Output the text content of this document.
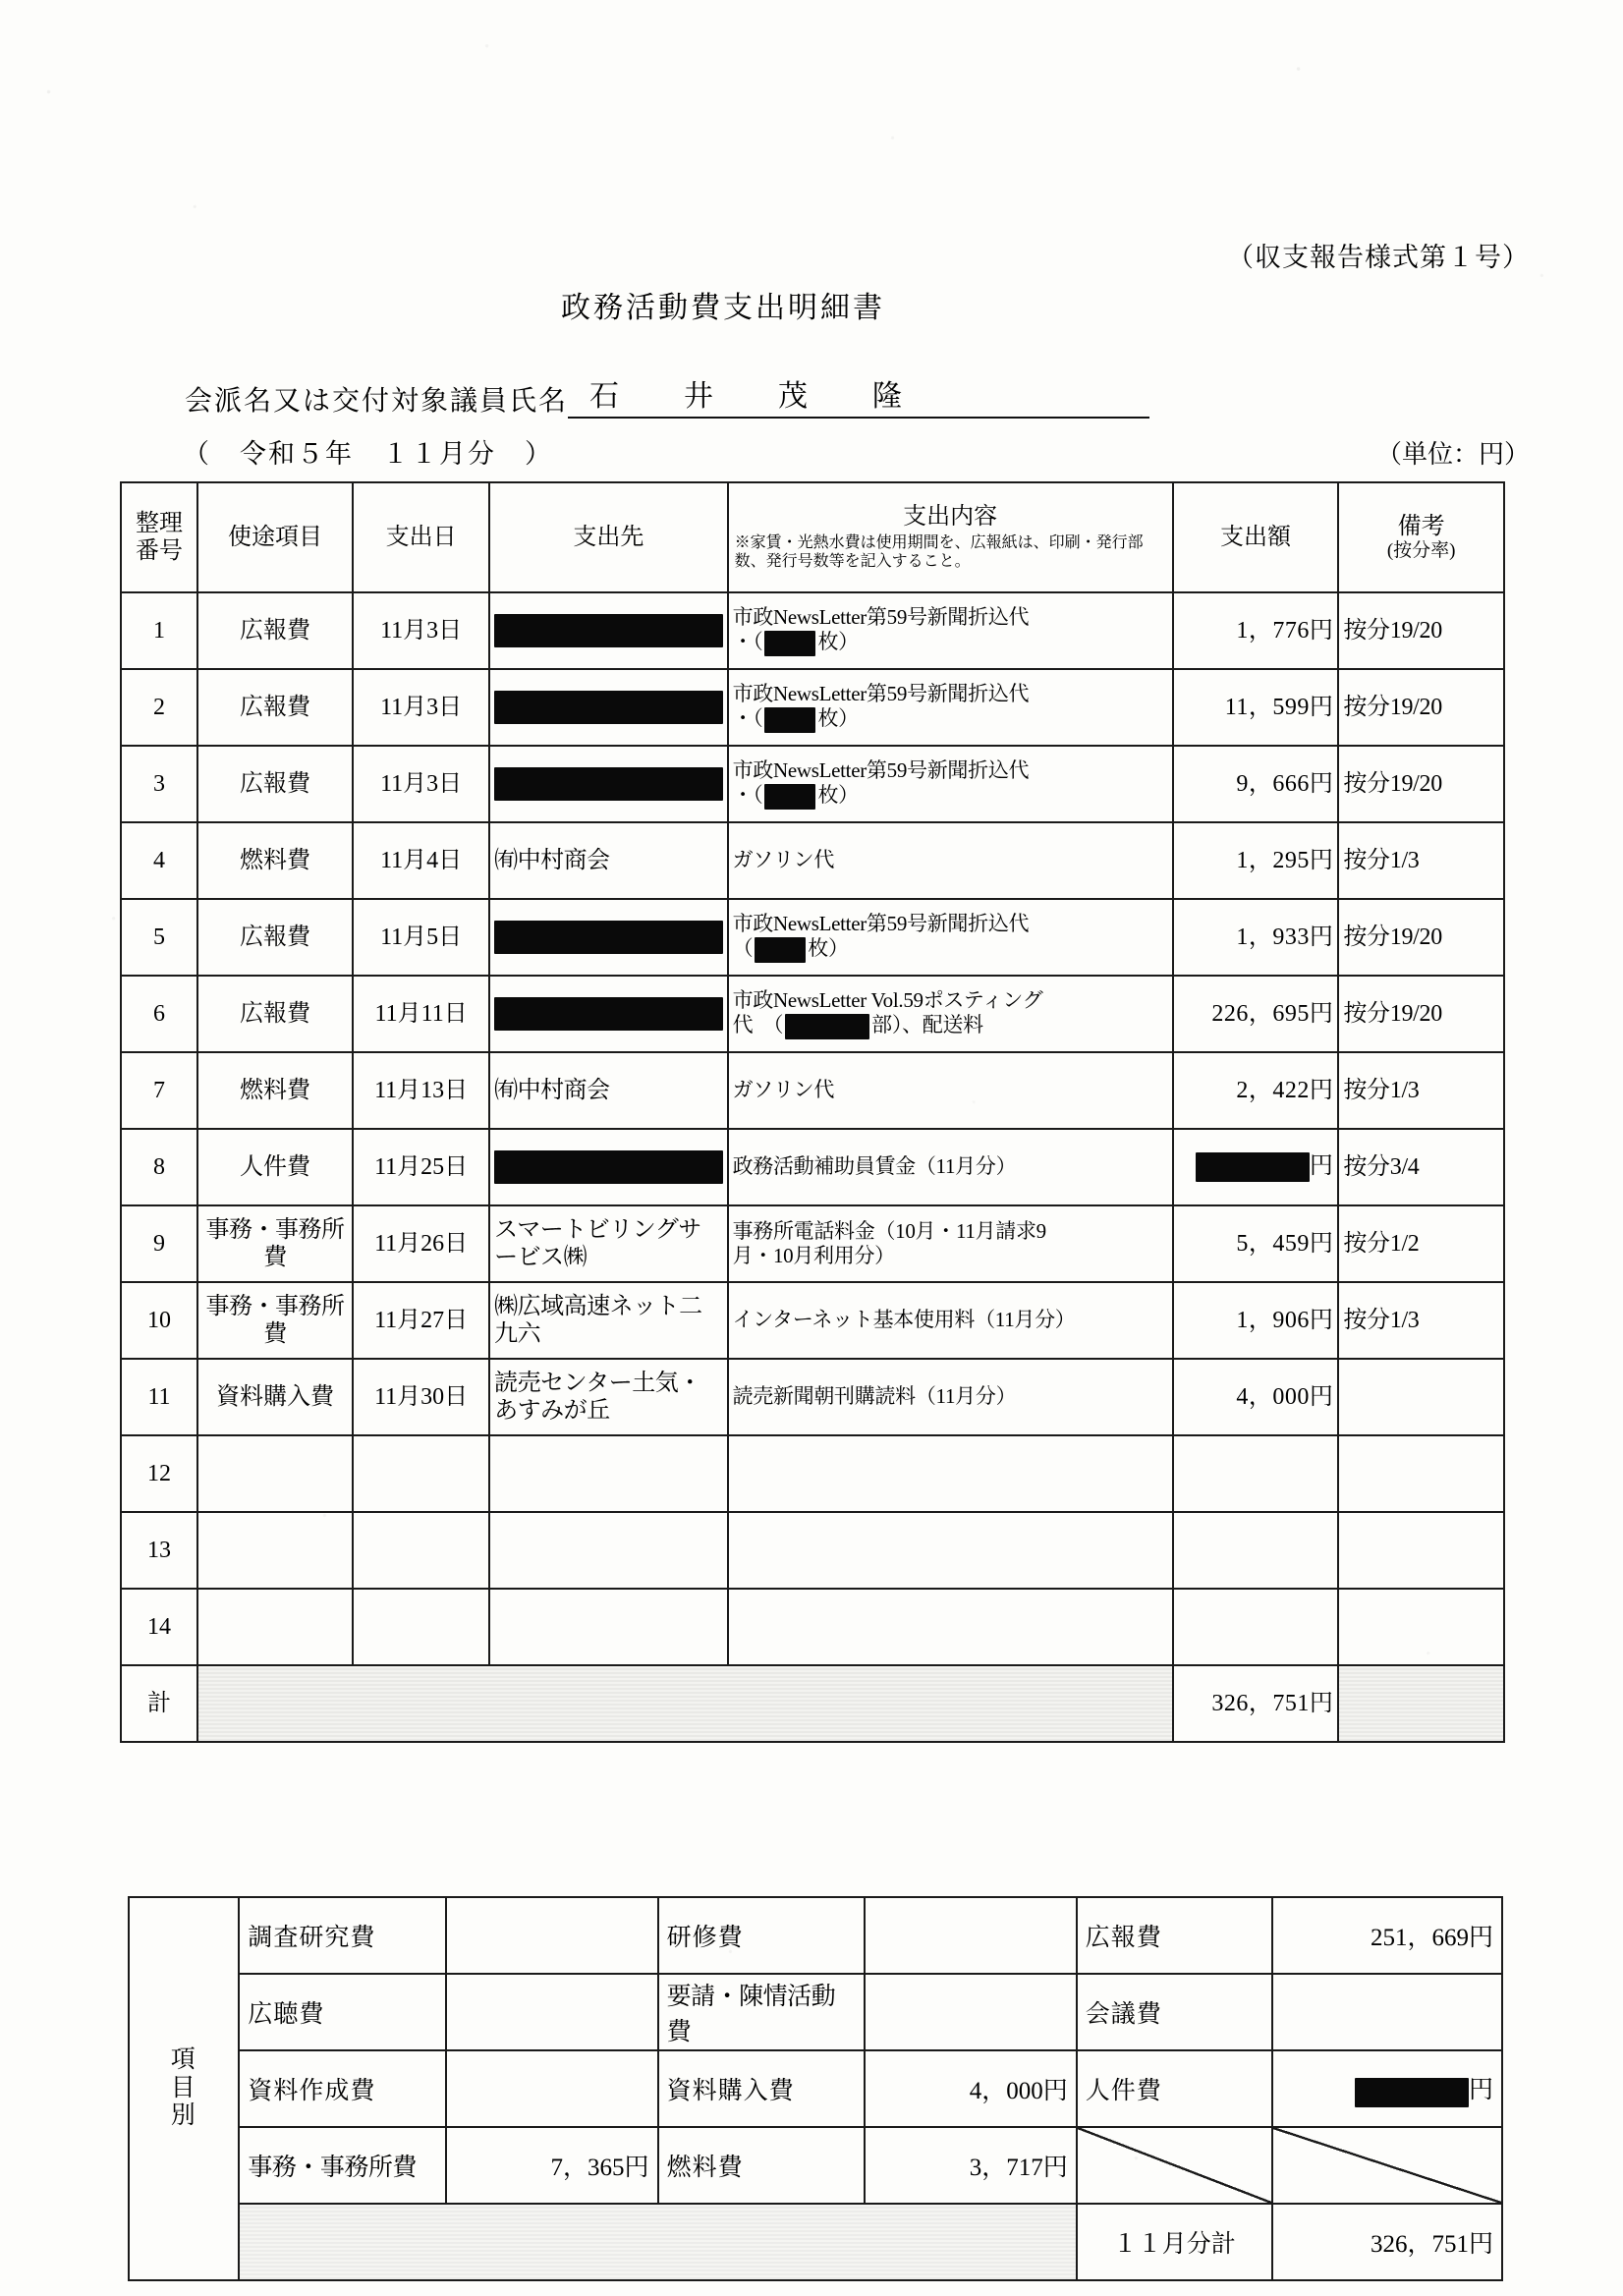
（収支報告様式第１号）
政務活動費支出明細書
会派名又は交付対象議員氏名 石　井　茂　隆
（　令和５年　１１月分　）	（単位：円）
整理
番号	使途項目	支出日	支出先	支出内容
※家賃・光熱水費は使用期間を、広報紙は、印刷・発行部数、発行号数等を記入すること。	支出額	備考
(按分率)

1	広報費	11月3日		市政NewsLetter第59号新聞折込代
・（ 枚）	1，776円	按分19/20
2	広報費	11月3日		市政NewsLetter第59号新聞折込代
・（ 枚）	11，599円	按分19/20
3	広報費	11月3日		市政NewsLetter第59号新聞折込代
・（ 枚）	9，666円	按分19/20
4	燃料費	11月4日	㈲中村商会	ガソリン代	1，295円	按分1/3
5	広報費	11月5日		市政NewsLetter第59号新聞折込代
（ 枚）	1，933円	按分19/20
6	広報費	11月11日		市政NewsLetter Vol.59ポスティング
代　（ 部）、配送料	226，695円	按分19/20
7	燃料費	11月13日	㈲中村商会	ガソリン代	2，422円	按分1/3
8	人件費	11月25日		政務活動補助員賃金（11月分）	円	按分3/4
9	事務・事務所費	11月26日	スマートビリングサービス㈱	事務所電話料金（10月・11月請求9
月・10月利用分）	5，459円	按分1/2
10	事務・事務所費	11月27日	㈱広域高速ネット二九六	インターネット基本使用料（11月分）	1，906円	按分1/3
11	資料購入費	11月30日	読売センター土気・あすみが丘	読売新聞朝刊購読料（11月分）	4，000円	
12				

13				

14				

計					326，751円	
項
目
別	調査研究費		研修費		広報費	251，669円
	広聴費		要請・陳情活動費		会議費	
	資料作成費		資料購入費	4，000円	人件費	円
	事務・事務所費	7，365円	燃料費	3，717円		
					１１月分計	326，751円
